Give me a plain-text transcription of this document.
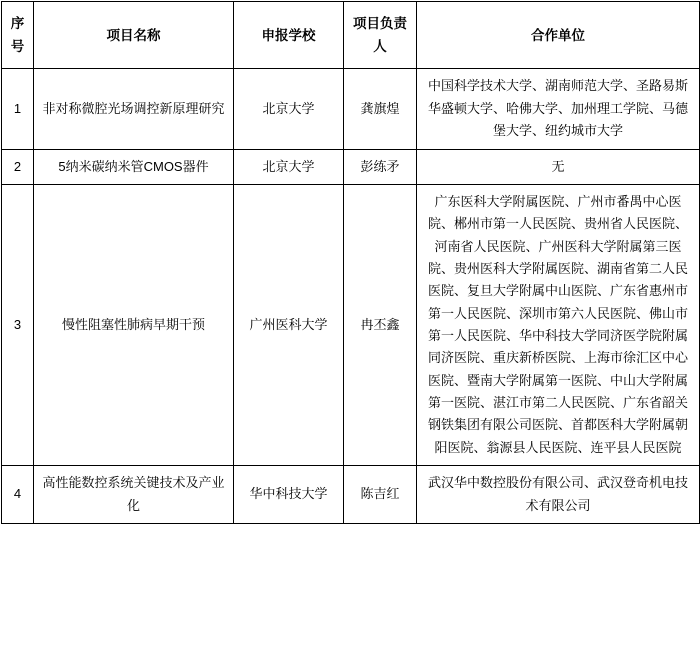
序号	项目名称	申报学校	项目负责人	合作单位
1	非对称微腔光场调控新原理研究	北京大学	龚旗煌	中国科学技术大学、湖南师范大学、圣路易斯华盛顿大学、哈佛大学、加州理工学院、马德堡大学、纽约城市大学
2	5纳米碳纳米管CMOS器件	北京大学	彭练矛	无
3	慢性阻塞性肺病早期干预	广州医科大学	冉丕鑫	广东医科大学附属医院、广州市番禺中心医院、郴州市第一人民医院、贵州省人民医院、河南省人民医院、广州医科大学附属第三医院、贵州医科大学附属医院、湖南省第二人民医院、复旦大学附属中山医院、广东省惠州市第一人民医院、深圳市第六人民医院、佛山市第一人民医院、华中科技大学同济医学院附属同济医院、重庆新桥医院、上海市徐汇区中心医院、暨南大学附属第一医院、中山大学附属第一医院、湛江市第二人民医院、广东省韶关钢铁集团有限公司医院、首都医科大学附属朝阳医院、翁源县人民医院、连平县人民医院
4	高性能数控系统关键技术及产业化	华中科技大学	陈吉红	武汉华中数控股份有限公司、武汉登奇机电技术有限公司
